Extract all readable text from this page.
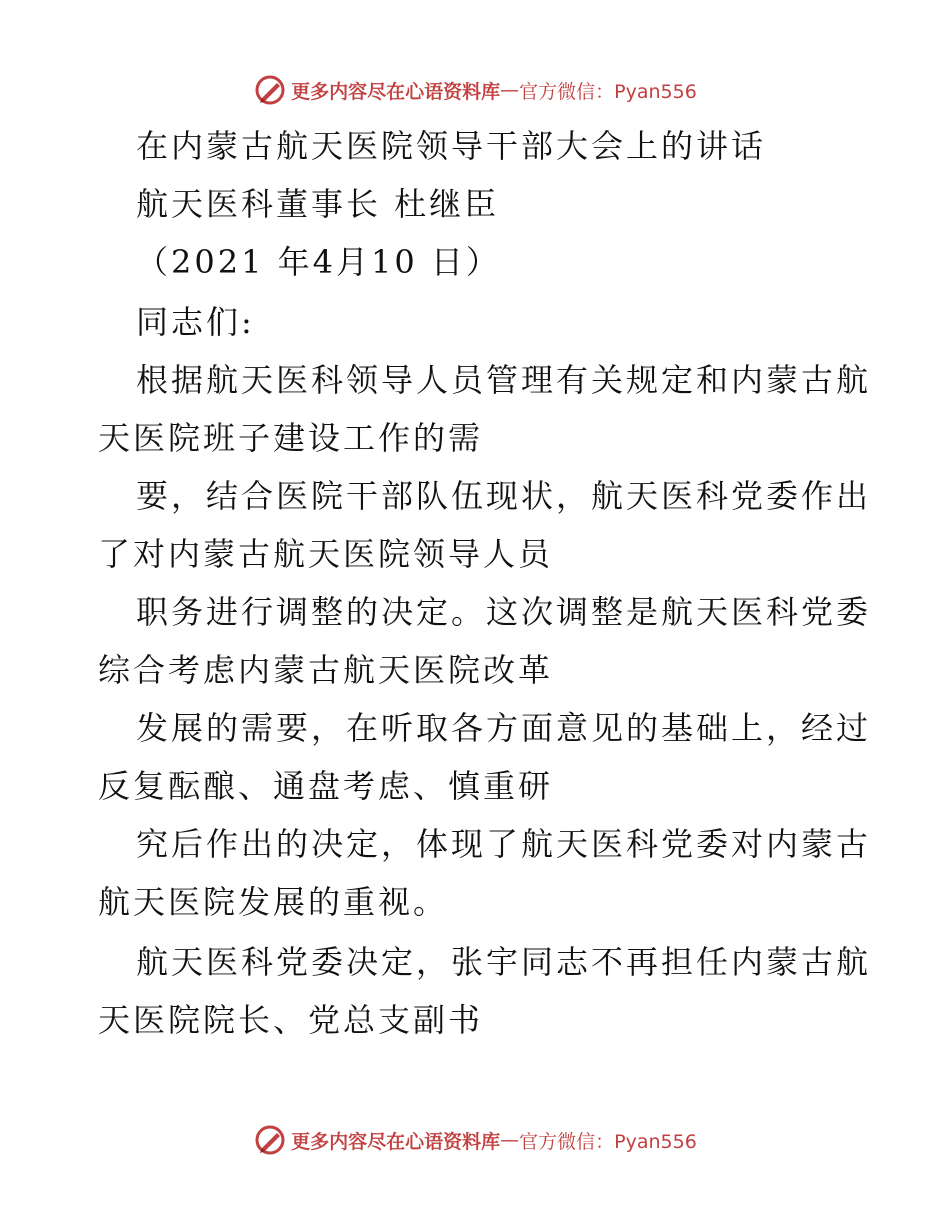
更多内容尽在心语资料库 — 官方微信：Pyan556
在内蒙古航天医院领导干部大会上的讲话
航天医科董事长 杜继臣
（2021 年4月10 日）
同志们:
根据航天医科领导人员管理有关规定和内蒙古航
天医院班子建设工作的需
要，结合医院干部队伍现状，航天医科党委作出
了对内蒙古航天医院领导人员
职务进行调整的决定。这次调整是航天医科党委
综合考虑内蒙古航天医院改革
发展的需要，在听取各方面意见的基础上，经过
反复酝酿、通盘考虑、慎重研
究后作出的决定，体现了航天医科党委对内蒙古
航天医院发展的重视。
航天医科党委决定，张宇同志不再担任内蒙古航
天医院院长、党总支副书
更多内容尽在心语资料库 — 官方微信：Pyan556
